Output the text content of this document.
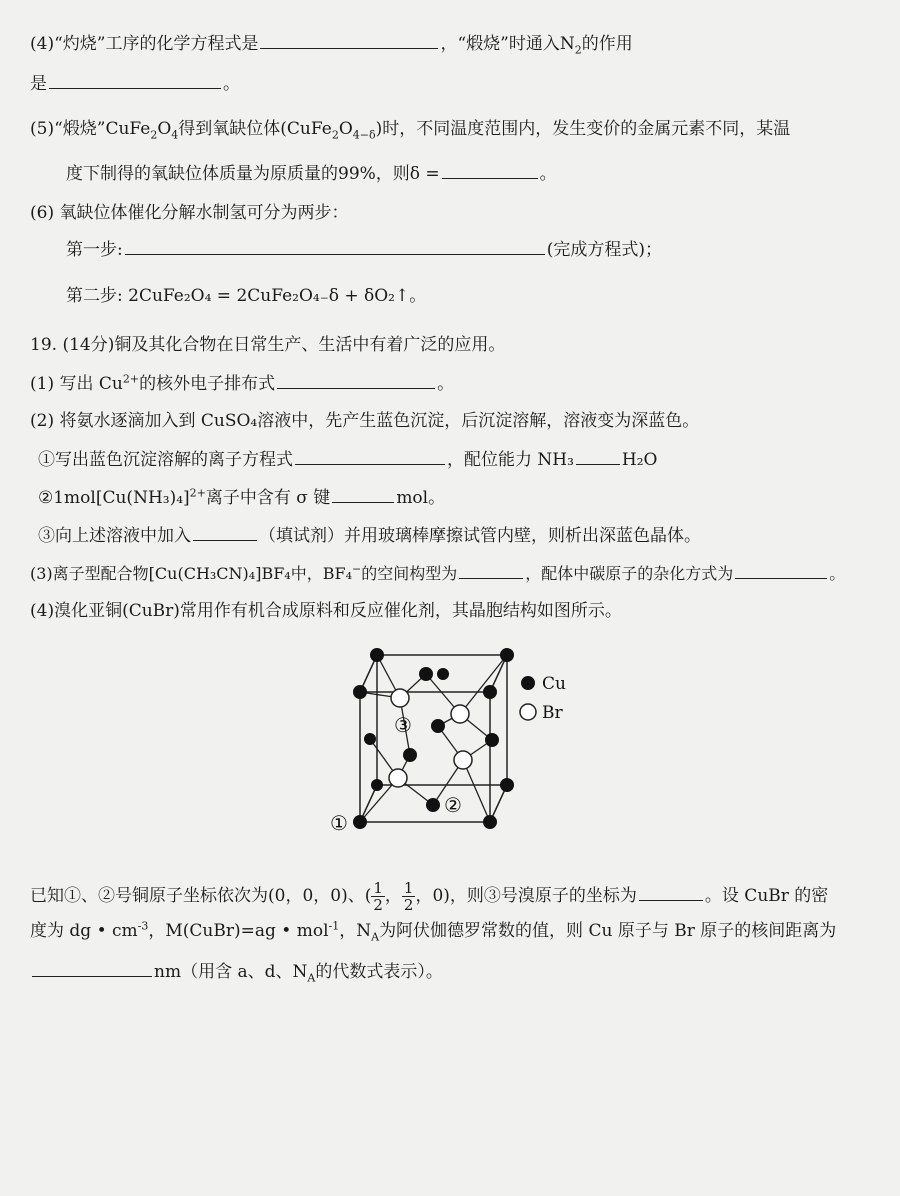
(4)“灼烧”工序的化学方程式是	，“煅烧”时通入$N_2$的作用
是	。
(5)“煅烧$”CuFe_2O_4$得到氧缺位体$(CuFe_2O_{4-\delta})$时，不同温度范围内，发生变价的金属元素不同，某温
度下制得的氧缺位体质量为原质量的99%，则δ =	。
(6) 氧缺位体催化分解水制氢可分为两步：
第一步:	(完成方程式)；
第二步: 2CuFe₂O₄ = 2CuFe₂O₄₋δ + δO₂↑。
19. (14分)铜及其化合物在日常生产、生活中有着广泛的应用。
(1) 写出 $Cu^{2+}$的核外电子排布式	。
(2) 将氨水逐滴加入到 CuSO₄溶液中，先产生蓝色沉淀，后沉淀溶解，溶液变为深蓝色。
①写出蓝色沉淀溶解的离子方程式	，配位能力 NH₃	H₂O
$②1mol[Cu(NH_3)_4]^{2+}$离子中含有 σ 键	mol。
③向上述溶液中加入	（填试剂）并用玻璃棒摩擦试管内壁，则析出深蓝色晶体。
(3)离子型配合物[Cu(CH₃CN)₄]BF₄中，BF₄−的空间构型为	，配体中碳原子的杂化方式为	。
(4)溴化亚铜(CuBr)常用作有机合成原料和反应催化剂，其晶胞结构如图所示。
①
②
③
Cu
Br
已知①、②号铜原子坐标依次为(0，0，0)、( $\frac{1}{2}$ ， $\frac{1}{2}$ ，0)，则③号溴原子的坐标为	。设 CuBr 的密
度为 dg • $cm^{-3}$，M(CuBr)=ag • mol$^{-1}$，$N_A$为阿伏伽德罗常数的值，则 Cu 原子与 Br 原子的核间距离为
nm（用含 a、d、$N_A$的代数式表示）。
